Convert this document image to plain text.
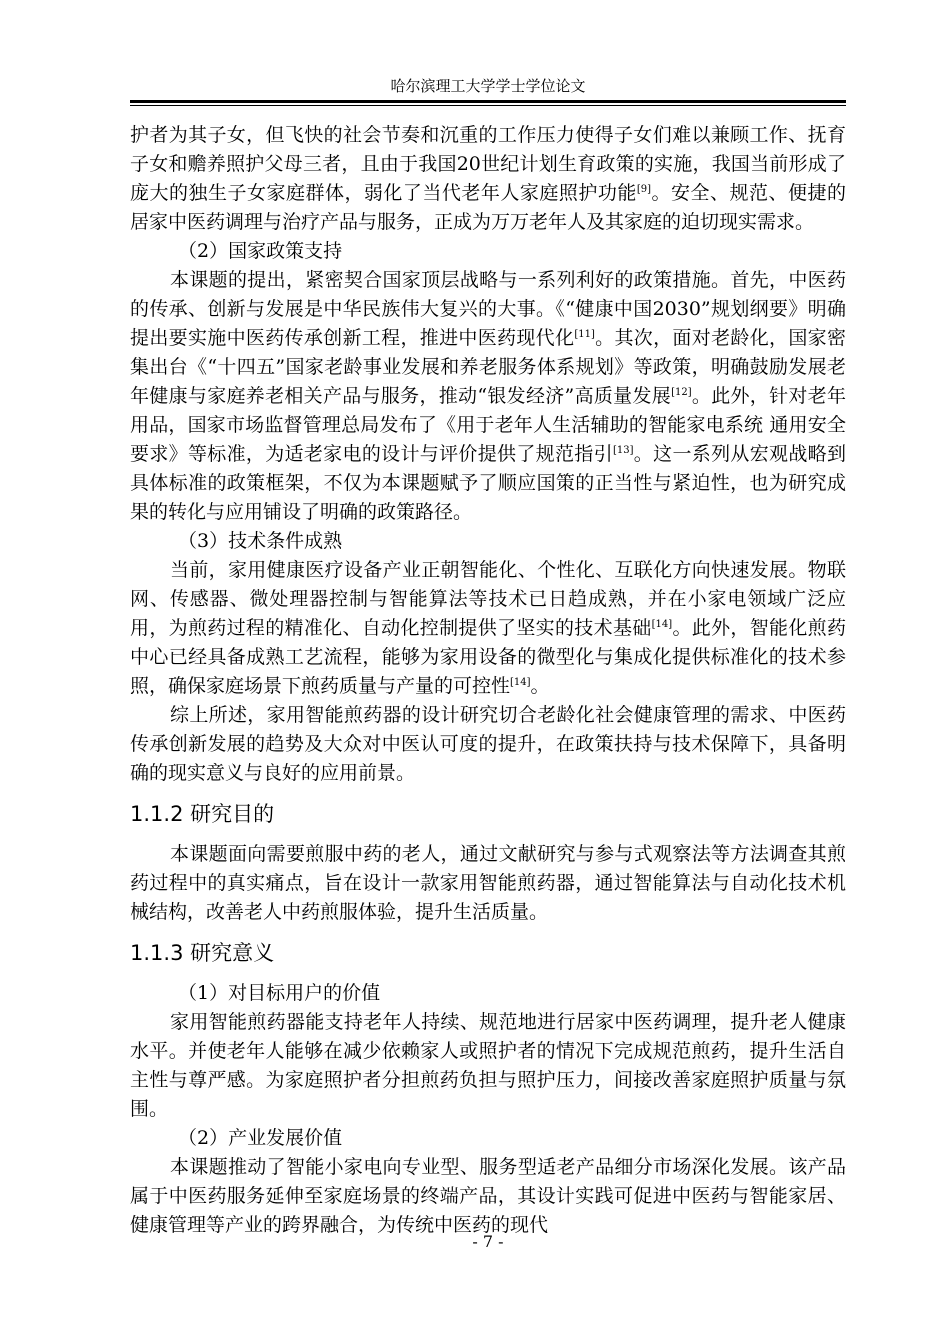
哈尔滨理工大学学士学位论文

护者为其子女，但飞快的社会节奏和沉重的工作压力使得子女们难以兼顾工作、抚育子女和赡养照护父母三者，且由于我国20世纪计划生育政策的实施，我国当前形成了庞大的独生子女家庭群体，弱化了当代老年人家庭照护功能[9]。安全、规范、便捷的居家中医药调理与治疗产品与服务，正成为万万老年人及其家庭的迫切现实需求。

（2）国家政策支持

本课题的提出，紧密契合国家顶层战略与一系列利好的政策措施。首先，中医药的传承、创新与发展是中华民族伟大复兴的大事。《“健康中国2030”规划纲要》明确提出要实施中医药传承创新工程，推进中医药现代化[11]。其次，面对老龄化，国家密集出台《“十四五”国家老龄事业发展和养老服务体系规划》等政策，明确鼓励发展老年健康与家庭养老相关产品与服务，推动“银发经济”高质量发展[12]。此外，针对老年用品，国家市场监督管理总局发布了《用于老年人生活辅助的智能家电系统 通用安全要求》等标准，为适老家电的设计与评价提供了规范指引[13]。这一系列从宏观战略到具体标准的政策框架，不仅为本课题赋予了顺应国策的正当性与紧迫性，也为研究成果的转化与应用铺设了明确的政策路径。

（3）技术条件成熟

当前，家用健康医疗设备产业正朝智能化、个性化、互联化方向快速发展。物联网、传感器、微处理器控制与智能算法等技术已日趋成熟，并在小家电领域广泛应用，为煎药过程的精准化、自动化控制提供了坚实的技术基础[14]。此外，智能化煎药中心已经具备成熟工艺流程，能够为家用设备的微型化与集成化提供标准化的技术参照，确保家庭场景下煎药质量与产量的可控性[14]。

综上所述，家用智能煎药器的设计研究切合老龄化社会健康管理的需求、中医药传承创新发展的趋势及大众对中医认可度的提升，在政策扶持与技术保障下，具备明确的现实意义与良好的应用前景。

1.1.2 研究目的

本课题面向需要煎服中药的老人，通过文献研究与参与式观察法等方法调查其煎药过程中的真实痛点，旨在设计一款家用智能煎药器，通过智能算法与自动化技术机械结构，改善老人中药煎服体验，提升生活质量。

1.1.3 研究意义

（1）对目标用户的价值

家用智能煎药器能支持老年人持续、规范地进行居家中医药调理，提升老人健康水平。并使老年人能够在减少依赖家人或照护者的情况下完成规范煎药，提升生活自主性与尊严感。为家庭照护者分担煎药负担与照护压力，间接改善家庭照护质量与氛围。

（2）产业发展价值

本课题推动了智能小家电向专业型、服务型适老产品细分市场深化发展。该产品属于中医药服务延伸至家庭场景的终端产品，其设计实践可促进中医药与智能家居、健康管理等产业的跨界融合，为传统中医药的现代

- 7 -
